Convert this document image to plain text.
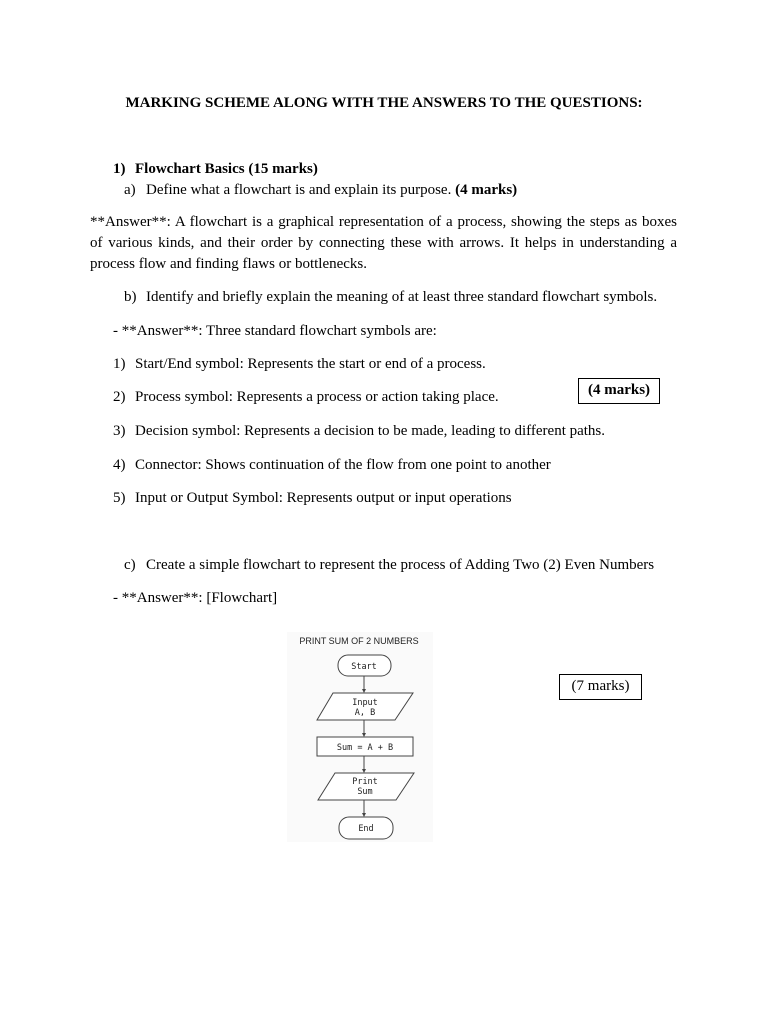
MARKING SCHEME ALONG WITH THE ANSWERS TO THE QUESTIONS:
1) Flowchart Basics (15 marks)
a) Define what a flowchart is and explain its purpose. (4 marks)
**Answer**: A flowchart is a graphical representation of a process, showing the steps as boxes of various kinds, and their order by connecting these with arrows. It helps in understanding a process flow and finding flaws or bottlenecks.
b) Identify and briefly explain the meaning of at least three standard flowchart symbols.
- **Answer**: Three standard flowchart symbols are:
1) Start/End symbol: Represents the start or end of a process.
2) Process symbol: Represents a process or action taking place.
3) Decision symbol: Represents a decision to be made, leading to different paths.
4) Connector: Shows continuation of the flow from one point to another
5) Input or Output Symbol: Represents output or input operations
(4 marks)
c) Create a simple flowchart to represent the process of Adding Two (2) Even Numbers
- **Answer**: [Flowchart]
(7 marks)
PRINT SUM OF 2 NUMBERS
Start
Input
A, B
Sum = A + B
Print
Sum
End
